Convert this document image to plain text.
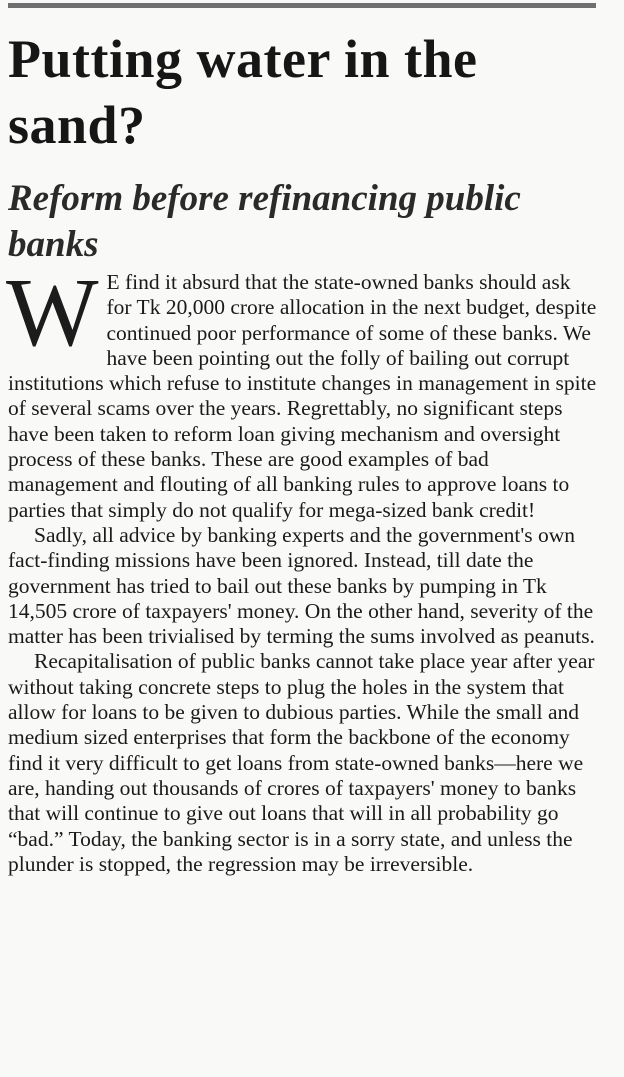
Putting water in the sand?
Reform before refinancing public banks

W E find it absurd that the state-owned banks should ask for Tk 20,000 crore allocation in the next budget, despite continued poor performance of some of these banks. We have been pointing out the folly of bailing out corrupt institutions which refuse to institute changes in management in spite of several scams over the years. Regrettably, no significant steps have been taken to reform loan giving mechanism and oversight process of these banks. These are good examples of bad management and flouting of all banking rules to approve loans to parties that simply do not qualify for mega-sized bank credit!

Sadly, all advice by banking experts and the government's own fact-finding missions have been ignored. Instead, till date the government has tried to bail out these banks by pumping in Tk 14,505 crore of taxpayers' money. On the other hand, severity of the matter has been trivialised by terming the sums involved as peanuts.

Recapitalisation of public banks cannot take place year after year without taking concrete steps to plug the holes in the system that allow for loans to be given to dubious parties. While the small and medium sized enterprises that form the backbone of the economy find it very difficult to get loans from state-owned banks—here we are, handing out thousands of crores of taxpayers' money to banks that will continue to give out loans that will in all probability go “bad.” Today, the banking sector is in a sorry state, and unless the plunder is stopped, the regression may be irreversible.
